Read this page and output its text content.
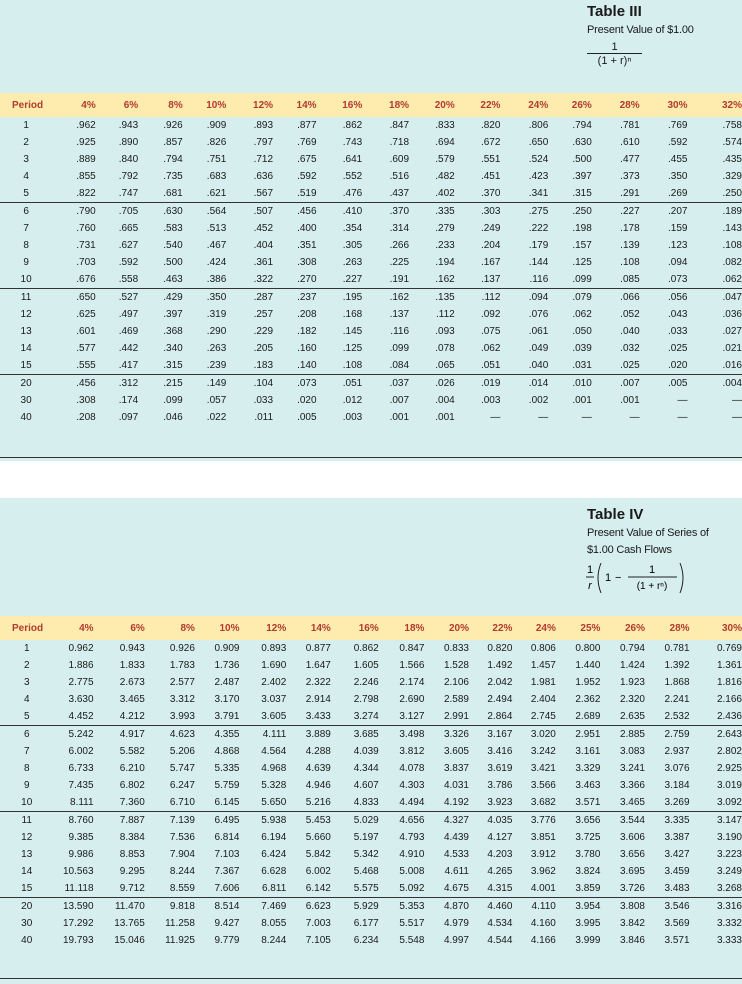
Table III
Present Value of $1.00
$\frac{1}{\text{(1 + r)ⁿ}}$
Period	4%	6%	8%	10%	12%	14%	16%	18%	20%	22%	24%	26%	28%	30%	32%
1	.962	.943	.926	.909	.893	.877	.862	.847	.833	.820	.806	.794	.781	.769	.758
2	.925	.890	.857	.826	.797	.769	.743	.718	.694	.672	.650	.630	.610	.592	.574
3	.889	.840	.794	.751	.712	.675	.641	.609	.579	.551	.524	.500	.477	.455	.435
4	.855	.792	.735	.683	.636	.592	.552	.516	.482	.451	.423	.397	.373	.350	.329
5	.822	.747	.681	.621	.567	.519	.476	.437	.402	.370	.341	.315	.291	.269	.250
6	.790	.705	.630	.564	.507	.456	.410	.370	.335	.303	.275	.250	.227	.207	.189
7	.760	.665	.583	.513	.452	.400	.354	.314	.279	.249	.222	.198	.178	.159	.143
8	.731	.627	.540	.467	.404	.351	.305	.266	.233	.204	.179	.157	.139	.123	.108
9	.703	.592	.500	.424	.361	.308	.263	.225	.194	.167	.144	.125	.108	.094	.082
10	.676	.558	.463	.386	.322	.270	.227	.191	.162	.137	.116	.099	.085	.073	.062
11	.650	.527	.429	.350	.287	.237	.195	.162	.135	.112	.094	.079	.066	.056	.047
12	.625	.497	.397	.319	.257	.208	.168	.137	.112	.092	.076	.062	.052	.043	.036
13	.601	.469	.368	.290	.229	.182	.145	.116	.093	.075	.061	.050	.040	.033	.027
14	.577	.442	.340	.263	.205	.160	.125	.099	.078	.062	.049	.039	.032	.025	.021
15	.555	.417	.315	.239	.183	.140	.108	.084	.065	.051	.040	.031	.025	.020	.016
20	.456	.312	.215	.149	.104	.073	.051	.037	.026	.019	.014	.010	.007	.005	.004
30	.308	.174	.099	.057	.033	.020	.012	.007	.004	.003	.002	.001	.001	—	—
40	.208	.097	.046	.022	.011	.005	.003	.001	.001	—	—	—	—	—	—
Table IV
Present Value of Series of
$1.00 Cash Flows
1
r
1 −
1
(1 + rⁿ)
Period	4%	6%	8%	10%	12%	14%	16%	18%	20%	22%	24%	25%	26%	28%	30%
1	0.962	0.943	0.926	0.909	0.893	0.877	0.862	0.847	0.833	0.820	0.806	0.800	0.794	0.781	0.769
2	1.886	1.833	1.783	1.736	1.690	1.647	1.605	1.566	1.528	1.492	1.457	1.440	1.424	1.392	1.361
3	2.775	2.673	2.577	2.487	2.402	2.322	2.246	2.174	2.106	2.042	1.981	1.952	1.923	1.868	1.816
4	3.630	3.465	3.312	3.170	3.037	2.914	2.798	2.690	2.589	2.494	2.404	2.362	2.320	2.241	2.166
5	4.452	4.212	3.993	3.791	3.605	3.433	3.274	3.127	2.991	2.864	2.745	2.689	2.635	2.532	2.436
6	5.242	4.917	4.623	4.355	4.111	3.889	3.685	3.498	3.326	3.167	3.020	2.951	2.885	2.759	2.643
7	6.002	5.582	5.206	4.868	4.564	4.288	4.039	3.812	3.605	3.416	3.242	3.161	3.083	2.937	2.802
8	6.733	6.210	5.747	5.335	4.968	4.639	4.344	4.078	3.837	3.619	3.421	3.329	3.241	3.076	2.925
9	7.435	6.802	6.247	5.759	5.328	4.946	4.607	4.303	4.031	3.786	3.566	3.463	3.366	3.184	3.019
10	8.111	7.360	6.710	6.145	5.650	5.216	4.833	4.494	4.192	3.923	3.682	3.571	3.465	3.269	3.092
11	8.760	7.887	7.139	6.495	5.938	5.453	5.029	4.656	4.327	4.035	3.776	3.656	3.544	3.335	3.147
12	9.385	8.384	7.536	6.814	6.194	5.660	5.197	4.793	4.439	4.127	3.851	3.725	3.606	3.387	3.190
13	9.986	8.853	7.904	7.103	6.424	5.842	5.342	4.910	4.533	4.203	3.912	3.780	3.656	3.427	3.223
14	10.563	9.295	8.244	7.367	6.628	6.002	5.468	5.008	4.611	4.265	3.962	3.824	3.695	3.459	3.249
15	11.118	9.712	8.559	7.606	6.811	6.142	5.575	5.092	4.675	4.315	4.001	3.859	3.726	3.483	3.268
20	13.590	11.470	9.818	8.514	7.469	6.623	5.929	5.353	4.870	4.460	4.110	3.954	3.808	3.546	3.316
30	17.292	13.765	11.258	9.427	8.055	7.003	6.177	5.517	4.979	4.534	4.160	3.995	3.842	3.569	3.332
40	19.793	15.046	11.925	9.779	8.244	7.105	6.234	5.548	4.997	4.544	4.166	3.999	3.846	3.571	3.333
